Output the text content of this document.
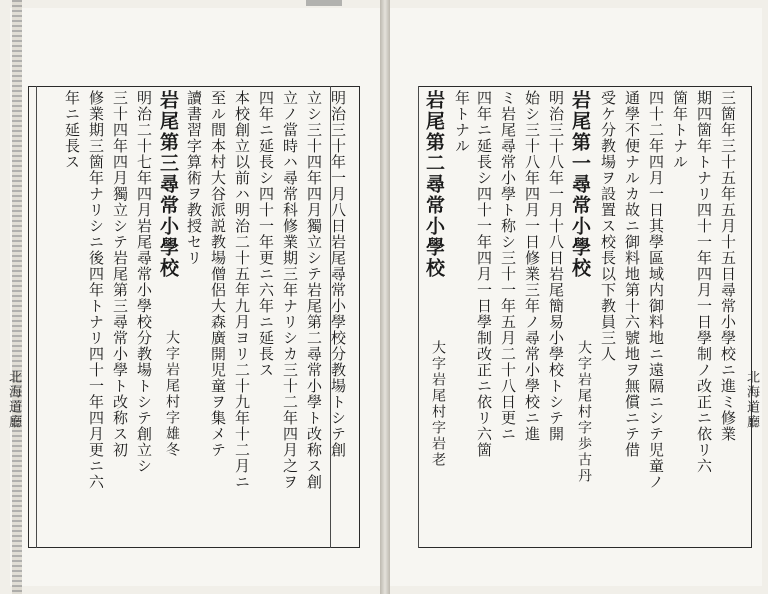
明治三十年一月八日岩尾尋常小學校分教場トシテ創
立シ三十四年四月獨立シテ岩尾第二尋常小學ト改称ス創
立ノ當時ハ尋常科修業期三年ナリシカ三十二年四月之ヲ
四年ニ延長シ四十一年更ニ六年ニ延長ス
本校創立以前ハ明治二十五年九月ヨリ二十九年十二月ニ
至ル間本村大谷派説教場僧侶大森廣開児童ヲ集メテ
讀書習字算術ヲ教授セリ
岩尾第三尋常小學校
大字岩尾村字雄冬
明治二十七年四月岩尾尋常小學校分教場トシテ創立シ
三十四年四月獨立シテ岩尾第三尋常小學ト改称ス初
修業期三箇年ナリシニ後四年トナリ四十一年四月更ニ六
年ニ延長ス
北海道廳	三箇年三十五年五月十五日尋常小學校ニ進ミ修業
期四箇年トナリ四十一年四月一日學制ノ改正ニ依リ六
箇年トナル
四十二年四月一日其學區域内御料地ニ遠隔ニシテ児童ノ
通學不便ナルカ故ニ御料地第十六號地ヲ無償ニテ借
受ケ分教場ヲ設置ス校長以下教員三人
岩尾第一尋常小學校
大字岩尾村字歩古丹
明治三十八年一月十八日岩尾簡易小學校トシテ開
始シ三十八年四月一日修業三年ノ尋常小學校ニ進
ミ岩尾尋常小學ト称シ三十一年五月二十八日更ニ
四年ニ延長シ四十一年四月一日學制改正ニ依リ六箇
年トナル
岩尾第二尋常小學校
大字岩尾村字岩老	北海道廳
